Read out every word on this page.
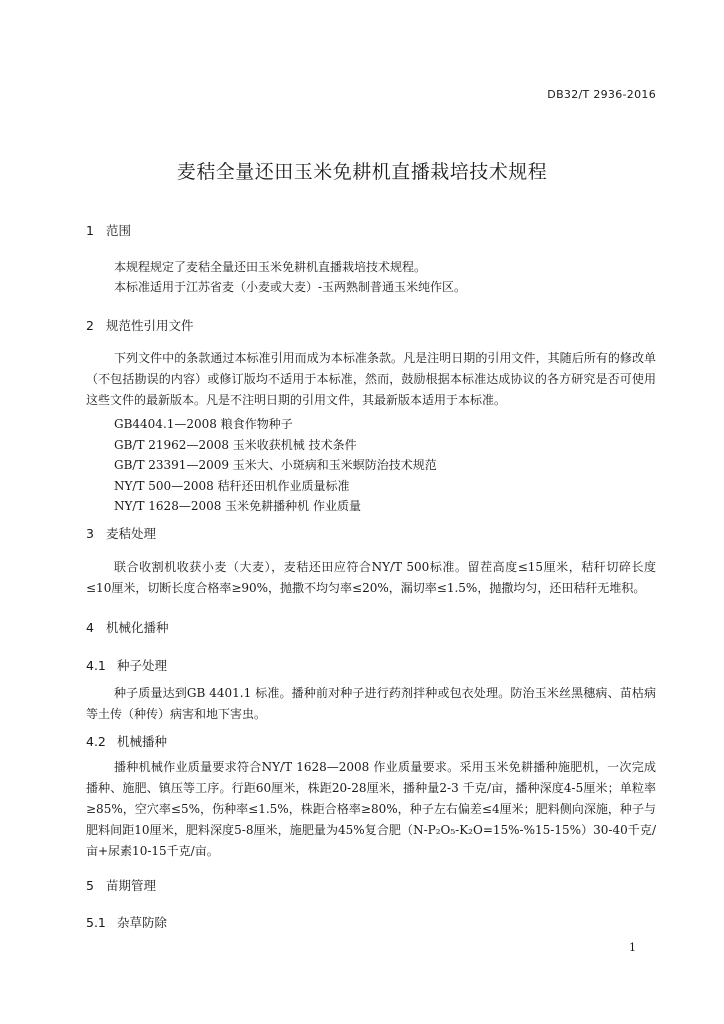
DB32/T 2936-2016
麦秸全量还田玉米免耕机直播栽培技术规程
1 范围
本规程规定了麦秸全量还田玉米免耕机直播栽培技术规程。
本标准适用于江苏省麦（小麦或大麦）-玉两熟制普通玉米纯作区。
2 规范性引用文件

下列文件中的条款通过本标准引用而成为本标准条款。凡是注明日期的引用文件，其随后所有的修改单（不包括勘误的内容）或修订版均不适用于本标准，然而，鼓励根据本标准达成协议的各方研究是否可使用这些文件的最新版本。凡是不注明日期的引用文件，其最新版本适用于本标准。

GB4404.1—2008 粮食作物种子
GB/T 21962—2008 玉米收获机械 技术条件
GB/T 23391—2009 玉米大、小斑病和玉米螟防治技术规范
NY/T 500—2008 秸秆还田机作业质量标准
NY/T 1628—2008 玉米免耕播种机 作业质量
3 麦秸处理

联合收割机收获小麦（大麦），麦秸还田应符合NY/T 500标准。留茬高度≤15厘米，秸秆切碎长度≤10厘米，切断长度合格率≥90%，抛撒不均匀率≤20%，漏切率≤1.5%，抛撒均匀，还田秸秆无堆积。

4 机械化播种
4.1 种子处理

种子质量达到GB 4401.1 标准。播种前对种子进行药剂拌种或包衣处理。防治玉米丝黑穗病、苗枯病等土传（种传）病害和地下害虫。

4.2 机械播种

播种机械作业质量要求符合NY/T 1628—2008 作业质量要求。采用玉米免耕播种施肥机，一次完成播种、施肥、镇压等工序。行距60厘米，株距20-28厘米，播种量2-3 千克/亩，播种深度4-5厘米；单粒率≥85%，空穴率≤5%，伤种率≤1.5%，株距合格率≥80%，种子左右偏差≤4厘米；肥料侧向深施，种子与肥料间距10厘米，肥料深度5-8厘米，施肥量为45%复合肥（N-P₂O₅-K₂O=15%-%15-15%）30-40千克/亩+尿素10-15千克/亩。

5 苗期管理
5.1 杂草防除
1
